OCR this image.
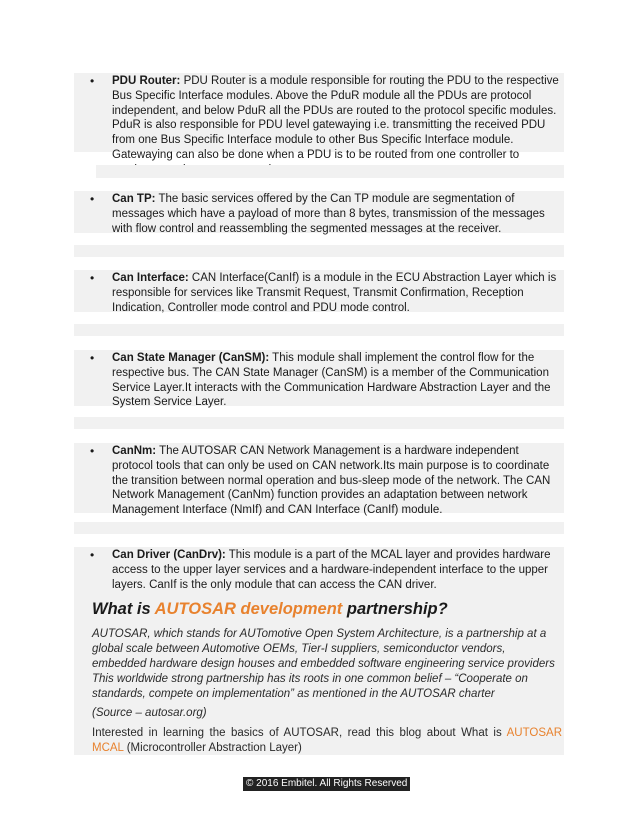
• PDU Router: PDU Router is a module responsible for routing the PDU to the respective Bus Specific Interface modules. Above the PduR module all the PDUs are protocol independent, and below PduR all the PDUs are routed to the protocol specific modules. PduR is also responsible for PDU level gatewaying i.e. transmitting the received PDU from one Bus Specific Interface module to other Bus Specific Interface module. Gatewaying can also be done when a PDU is to be routed from one controller to
• Can TP: The basic services offered by the Can TP module are segmentation of messages which have a payload of more than 8 bytes, transmission of the messages with flow control and reassembling the segmented messages at the receiver.
• Can Interface: CAN Interface(CanIf) is a module in the ECU Abstraction Layer which is responsible for services like Transmit Request, Transmit Confirmation, Reception Indication, Controller mode control and PDU mode control.
• Can State Manager (CanSM): This module shall implement the control flow for the respective bus. The CAN State Manager (CanSM) is a member of the Communication Service Layer.It interacts with the Communication Hardware Abstraction Layer and the System Service Layer.
• CanNm: The AUTOSAR CAN Network Management is a hardware independent protocol tools that can only be used on CAN network.Its main purpose is to coordinate the transition between normal operation and bus-sleep mode of the network. The CAN Network Management (CanNm) function provides an adaptation between network Management Interface (NmIf) and CAN Interface (CanIf) module.
• Can Driver (CanDrv): This module is a part of the MCAL layer and provides hardware access to the upper layer services and a hardware-independent interface to the upper layers. CanIf is the only module that can access the CAN driver.
What is AUTOSAR development partnership?
AUTOSAR, which stands for AUTomotive Open System Architecture, is a partnership at a global scale between Automotive OEMs, Tier-I suppliers, semiconductor vendors, embedded hardware design houses and embedded software engineering service providers
This worldwide strong partnership has its roots in one common belief – “Cooperate on standards, compete on implementation” as mentioned in the AUTOSAR charter
(Source – autosar.org)
Interested in learning the basics of AUTOSAR, read this blog about What is AUTOSAR MCAL (Microcontroller Abstraction Layer)
© 2016 Embitel. All Rights Reserved
